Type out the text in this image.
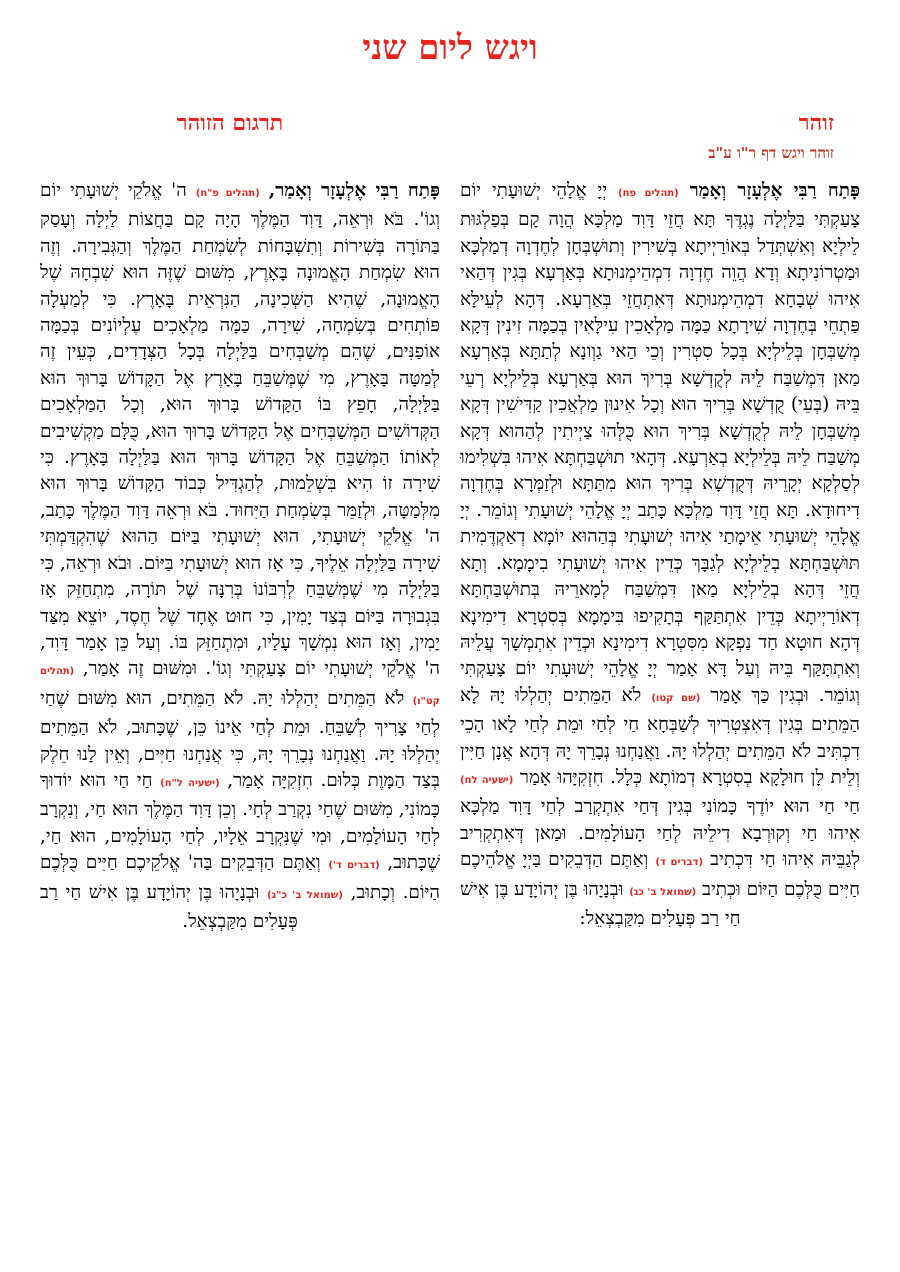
ויגש ליום שני
זוהר
תרגום הזוהר
זוהר ויגש דף ר"ו ע"ב
פָּתַח רַבִּי אֶלְעָזָר וְאָמַר (תהלים פח) יְיָ אֱלָהֵי יְשׁוּעָתִי יוֹם צָעַקְתִּי בַּלַּיְלָה נֶגְדֶּךָ תָּא חֲזֵי דָּוִד מַלְכָּא הֲוָה קָם בְּפַלְגּוּת לֵילְיָא וְאִשְׁתְּדַל בְּאוֹרַיְיתָא בְּשִׁירִין וְתוּשְׁבְּחָן לְחֶדְוָה דְמַלְכָּא וּמַטְרוֹנִיתָא וְדָא הֲוֵה חֶדְוָה דִמְהֵימְנוּתָא בְּאַרְעָא בְּגִין דְּהַאי אִיהוּ שְׁבָחָא דִמְהֵימְנוּתָא דְּאִתְחֲזֵי בְּאַרְעָא. דְּהָא לְעֵילָּא פַּתְחֵי בְּחֶדְוָה שִׁירָתָא כַּמָּה מַלְאָכִין עִילָּאִין בְּכַמָּה זִינִין דְּקָא מְשַׁבְּחָן בְּלֵילְיָא בְּכָל סִטְרִין וְכֵי הַאי גַוְונָא לְתַתָּא בְּאַרְעָא מַאן דִּמְשַׁבַּח לֵיהּ לְקֻדְשָׁא בְּרִיךְ הוּא בְּאַרְעָא בְּלֵילְיָא רְעֵי בֵּיהּ (בְּעֵי) קֻדְשָׁא בְּרִיךְ הוּא וְכָל אִינוּן מַלְאֲכִין קַדִּישִׁין דְּקָא מְשַׁבְּחָן לֵיהּ לְקֻדְשָׁא בְּרִיךְ הוּא כֻּלְּהוּ צַיְיתִין לְהַהוּא דְּקָא מְשַׁבַּח לֵיהּ בְּלֵילְיָא בְאַרְעָא. דְּהָאי תוּשְׁבַּחְתָּא אִיהוּ בִּשְׁלִימוּ לְסַלְקָא יְקָרֵיהּ דְּקֻדְשָׁא בְּרִיךְ הוּא מִתַּתָּא וּלְזַמְּרָא בְּחֶדְוָה דִיחוּדָא. תָּא חֲזֵי דָּוִד מַלְכָּא כָּתַב יְיָ אֱלָהֵי יְשׁוּעָתִי וְגוֹמֵר. יְיָ אֱלָהֵי יְשׁוּעָתִי אֵימָתַי אִיהוּ יְשׁוּעָתִי בְּהַהוּא יוֹמָא דְאַקְדֶּמִית תּוּשְׁבַּחְתָּא בְלֵילְיָא לְגַבָּךְ כְּדֵין אִיהוּ יְשׁוּעָתִי בִימָמָא. וְתָא חֲזֵי דְּהָא בְלֵילְיָא מַאן דִּמְשַׁבַּח לְמָארֵיהּ בְּתוּשְׁבַּחְתָּא דְאוֹרַיְיתָא כְּדֵין אִתְתַּקַּף בְּתָקִיפוּ בִּימָמָא בְּסִטְרָא דִימִינָא דְּהָא חוּטָא חַד נַפְקָא מִסִּטְרָא דִימִינָא וּכְדֵין אִתְמְשָׁךְ עֲלֵיהּ וְאִתְתָּקַּף בֵּיהּ וְעַל דָּא אָמַר יְיָ אֱלָהֵי יְשׁוּעָתִי יוֹם צָעַקְתִּי וְגוֹמֵר. וּבְגִין כַּךְ אָמַר (שם קטו) לֹא הַמֵּתִים יְהַלְלוּ יָהּ לָא הַמֵּתִים בְּגִין דְּאִצְטְרִיךְ לְשַׁבְּחָא חַי לְחַי וּמֵת לְחַי לָאו הָכֵי דִכְתִּיב לֹא הַמֵּתִים יְהַלְלוּ יָהּ. וַאֲנַחְנוּ נְבָרֵךְ יָהּ דְּהָא אֲנָן חַיִּין וְלֵית לָן חוּלָקָא בְסִטְרָא דְמוֹתָא כְּלָל. חִזְקִיָּהוּ אָמַר (ישעיה לח) חַי חַי הוּא יוֹדֶךָ כָּמוֹנִי בְּגִין דְּחַי אִתְקְרַב לְחַי דָּוִד מַלְכָּא אִיהוּ חַי וְקוּרְבָא דִילֵיהּ לְחַי הָעוֹלָמִים. וּמַאן דְּאִתְקְרִיב לְגַבֵּיהּ אִיהוּ חַי דִּכְתִיב (דברים ד) וְאַתֶּם הַדְּבֵקִים בַּיְיָ אֱלֹהֵיכֶם חַיִּים כֻּלְּכֶם הַיּוֹם וּכְתִיב (שמואל ב' כג) וּבְנָיָהוּ בֶּן יְהוֹיָדָע בֶּן אִישׁ חַי רַב פְּעָלִים מִקַּבְצְאֵל:
פָּתַח רַבִּי אֶלְעָזָר וְאָמַר, (תהלים פ"ח) ה' אֱלֹקֵי יְשׁוּעָתִי יוֹם וְגוֹ'. בֹּא וּרְאֵה, דָּוִד הַמֶּלֶךְ הָיָה קָם בַּחֲצוֹת לַיְלָה וְעָסַק בַּתּוֹרָה בְּשִׁירוֹת וְתִשְׁבָּחוֹת לְשִׂמְחַת הַמֶּלֶךְ וְהַגְּבִירָה. וְזֶה הוּא שִׂמְחַת הָאֱמוּנָה בָּאָרֶץ, מִשּׁוּם שֶׁזֶּה הוּא שִׁבְחָהּ שֶׁל הָאֱמוּנָה, שֶׁהִיא הַשְּׁכִינָה, הַנִּרְאֵית בָּאָרֶץ. כִּי לְמַעְלָה פּוֹתְחִים בְּשִׂמְחָה, שִׁירָה, כַּמָּה מַלְאָכִים עֶלְיוֹנִים בְּכַמָּה אוֹפַנִּים, שֶׁהֵם מְשַׁבְּחִים בַּלַּיְלָה בְּכָל הַצְּדָדִים, כְּעֵין זֶה לְמַטָּה בָּאָרֶץ, מִי שֶׁמְּשַׁבֵּחַ בָּאָרֶץ אֶל הַקָּדוֹשׁ בָּרוּךְ הוּא בַּלַּיְלָה, חָפֵץ בּוֹ הַקָּדוֹשׁ בָּרוּךְ הוּא, וְכָל הַמַּלְאָכִים הַקְּדוֹשִׁים הַמְּשַׁבְּחִים אֶל הַקָּדוֹשׁ בָּרוּךְ הוּא, כֻּלָּם מַקְשִׁיבִים לְאוֹתוֹ הַמְּשַׁבֵּחַ אֶל הַקָּדוֹשׁ בָּרוּךְ הוּא בַּלַּיְלָה בָּאָרֶץ. כִּי שִׁירָה זוֹ הִיא בִּשְׁלֵמוּת, לְהַגְדִּיל כְּבוֹד הַקָּדוֹשׁ בָּרוּךְ הוּא מִלְּמַטָּה, וּלְזַמֵּר בְּשִׂמְחַת הַיִּחוּד. בֹּא וּרְאֵה דָּוִד הַמֶּלֶךְ כָּתַב, ה' אֱלֹקֵי יְשׁוּעָתִי, הוּא יְשׁוּעָתִי בַּיּוֹם הַהוּא שֶׁהִקְדַּמְתִּי שִׁירָה בַּלַּיְלָה אֵלֶיךָ, כִּי אָז הוּא יְשׁוּעָתִי בַּיּוֹם. וּבֹא וּרְאֵה, כִּי בַּלַּיְלָה מִי שֶׁמְּשַׁבֵּחַ לְרִבּוֹנוֹ בְּרִנָּה שֶׁל תּוֹרָה, מִתְחַזֵּק אָז בִּגְבוּרָה בַּיּוֹם בְּצַד יָמִין, כִּי חוּט אֶחָד שֶׁל חֶסֶד, יוֹצֵא מִצַּד יָמִין, וְאָז הוּא נִמְשָׁךְ עָלָיו, וּמִתְחַזֵּק בּוֹ. וְעַל כֵּן אָמַר דָּוִד, ה' אֱלֹקֵי יְשׁוּעָתִי יוֹם צָעַקְתִּי וְגוֹ'. וּמִשּׁוּם זֶה אָמַר, (תהלים קט"ו) לֹא הַמֵּתִים יְהַלְלוּ יָהּ. לֹא הַמֵּתִים, הוּא מִשּׁוּם שֶׁחַי לְחַי צָרִיךְ לְשַׁבֵּחַ. וּמֵת לְחַי אֵינוֹ כֵּן, שֶׁכָּתוּב, לֹא הַמֵּתִים יְהַלְלוּ יָהּ. וַאֲנַחְנוּ נְבָרֵךְ יָהּ, כִּי אֲנַחְנוּ חַיִּים, וְאֵין לָנוּ חֵלֶק בְּצַד הַמָּוֶת כְּלוּם. חִזְקִיָּה אָמַר, (ישעיה ל"ח) חַי חַי הוּא יוֹדוּךָ כָּמוֹנִי, מִשּׁוּם שֶׁחַי נִקְרַב לְחָי. וְכֵן דָּוִד הַמֶּלֶךְ הוּא חַי, וְנִקְרָב לְחַי הָעוֹלָמִים, וּמִי שֶׁנִּקְרָב אֵלָיו, לְחַי הָעוֹלָמִים, הוּא חַי, שֶׁכָּתוּב, (דברים ד') וְאַתֶּם הַדְּבֵקִים בַּה' אֱלֹקֵיכֶם חַיִּים כֻּלְּכֶם הַיּוֹם. וְכָתוּב, (שמואל ב' כ"ג) וּבְנָיָהוּ בֶּן יְהוֹיָדָע בֶּן אִישׁ חַי רַב פְּעָלִים מִקַּבְצְאֵל.
